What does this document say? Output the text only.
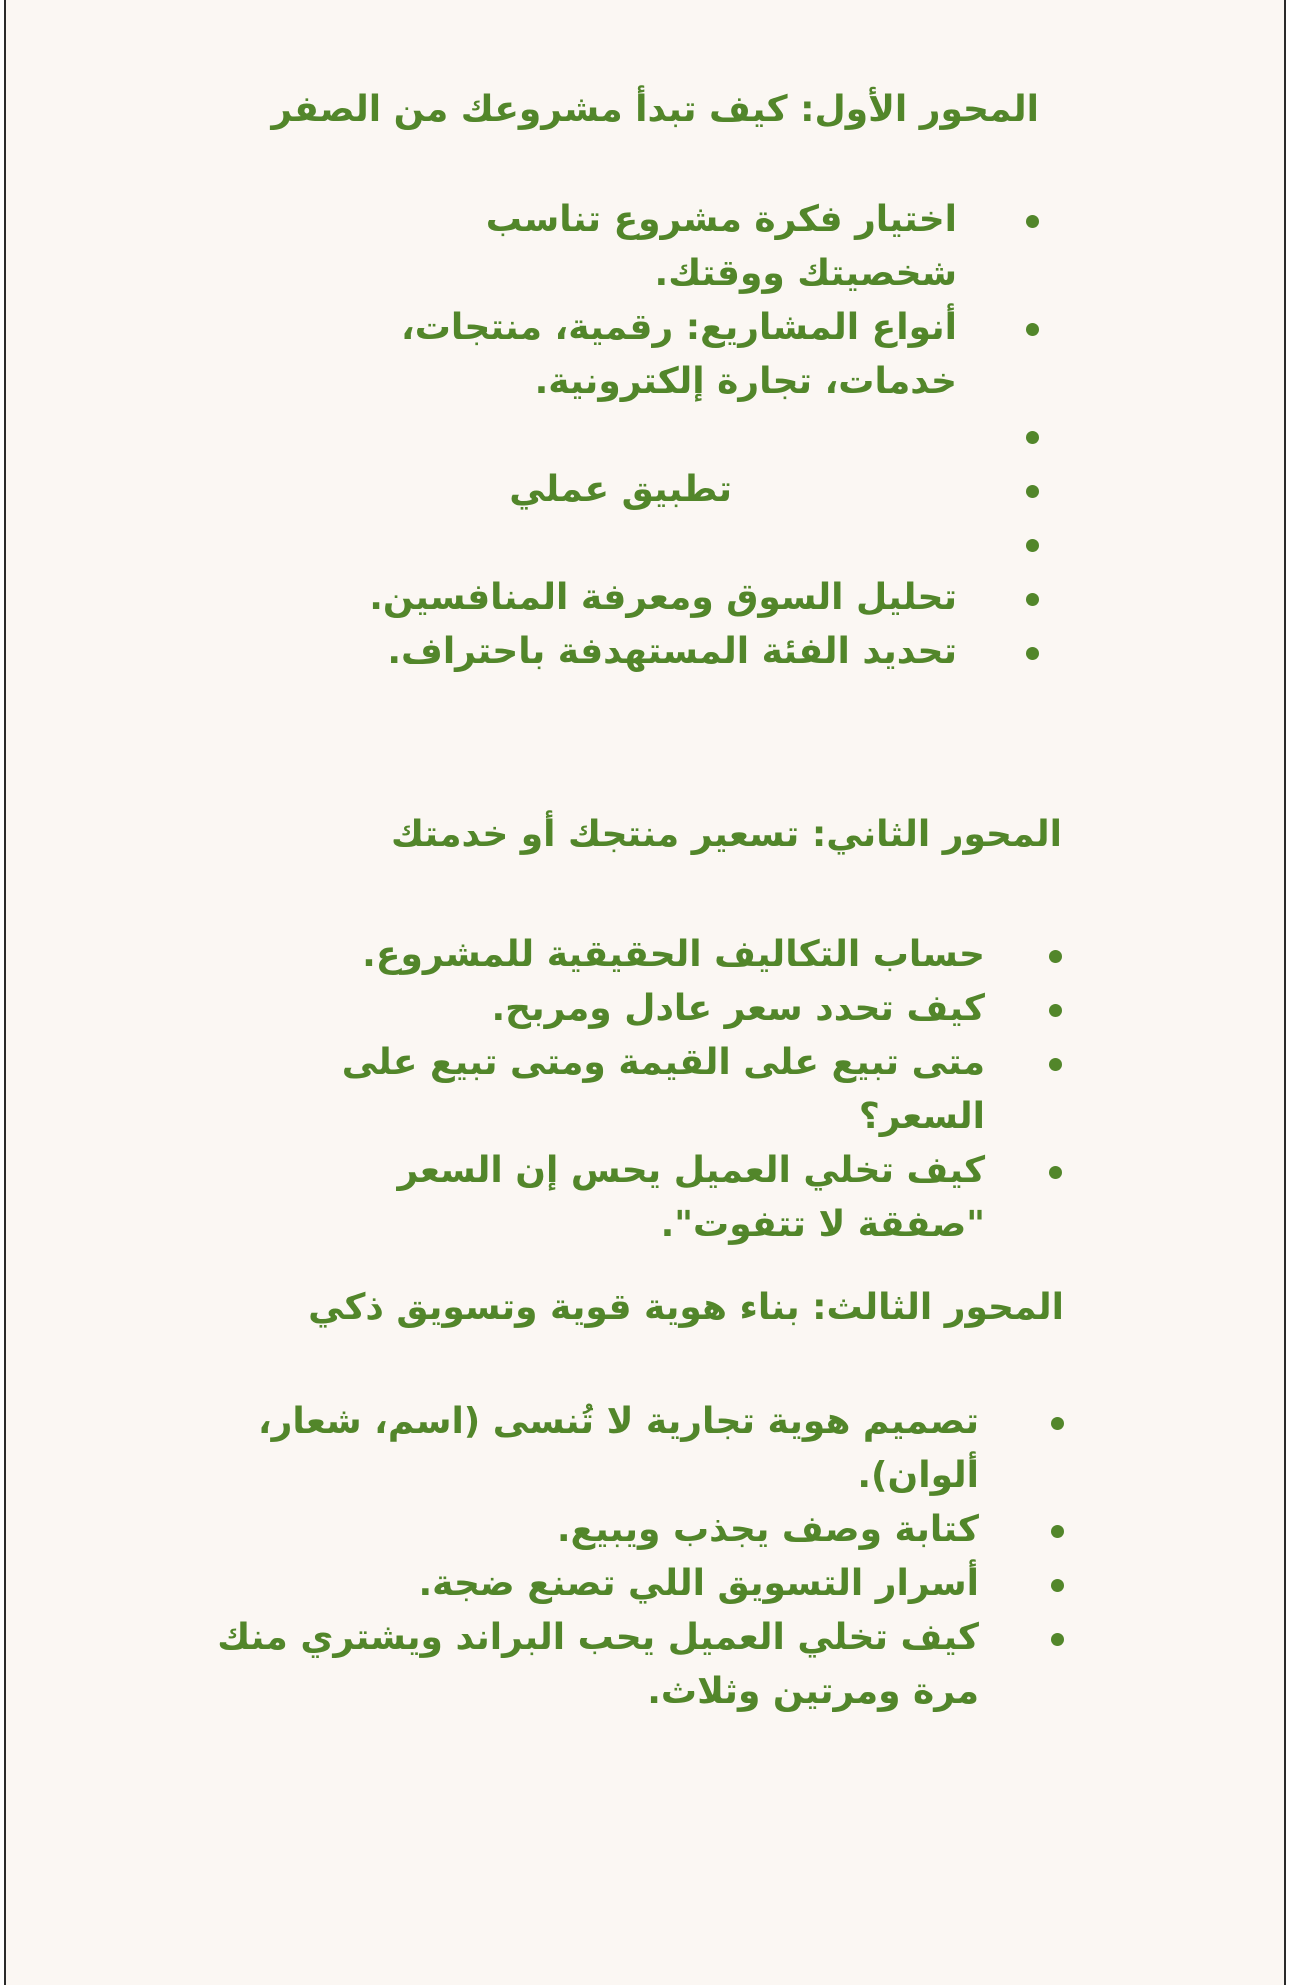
المحور الأول: كيف تبدأ مشروعك من الصفر
اختيار فكرة مشروع تناسب شخصيتك ووقتك.
أنواع المشاريع: رقمية، منتجات، خدمات، تجارة إلكترونية.
تطبيق عملي
تحليل السوق ومعرفة المنافسين.
تحديد الفئة المستهدفة باحتراف.
المحور الثاني: تسعير منتجك أو خدمتك
حساب التكاليف الحقيقية للمشروع.
كيف تحدد سعر عادل ومربح.
متى تبيع على القيمة ومتى تبيع على السعر؟
كيف تخلي العميل يحس إن السعر "صفقة لا تتفوت".
المحور الثالث: بناء هوية قوية وتسويق ذكي
تصميم هوية تجارية لا تُنسى (اسم، شعار، ألوان).
كتابة وصف يجذب ويبيع.
أسرار التسويق اللي تصنع ضجة.
كيف تخلي العميل يحب البراند ويشتري منك مرة ومرتين وثلاث.
